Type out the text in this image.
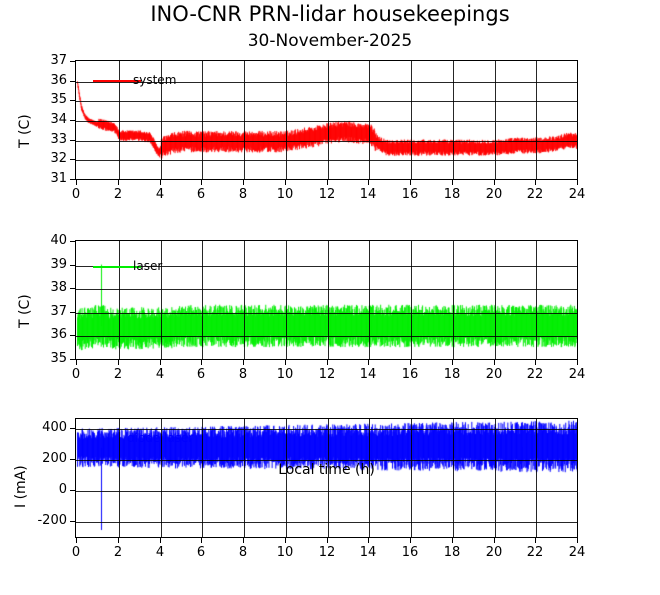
INO-CNR PRN-lidar housekeepings
30-November-2025
system
T (C)
0	2	4	6	8	10	12	14	16	18	20	22	24
31
32
33
34
35
36
37
laser
T (C)
0	2	4	6	8	10	12	14	16	18	20	22	24
35
36
37
38
39
40
diode laser
I (mA)	Local time (h)
0	2	4	6	8	10	12	14	16	18	20	22	24
-200
0
200
400
